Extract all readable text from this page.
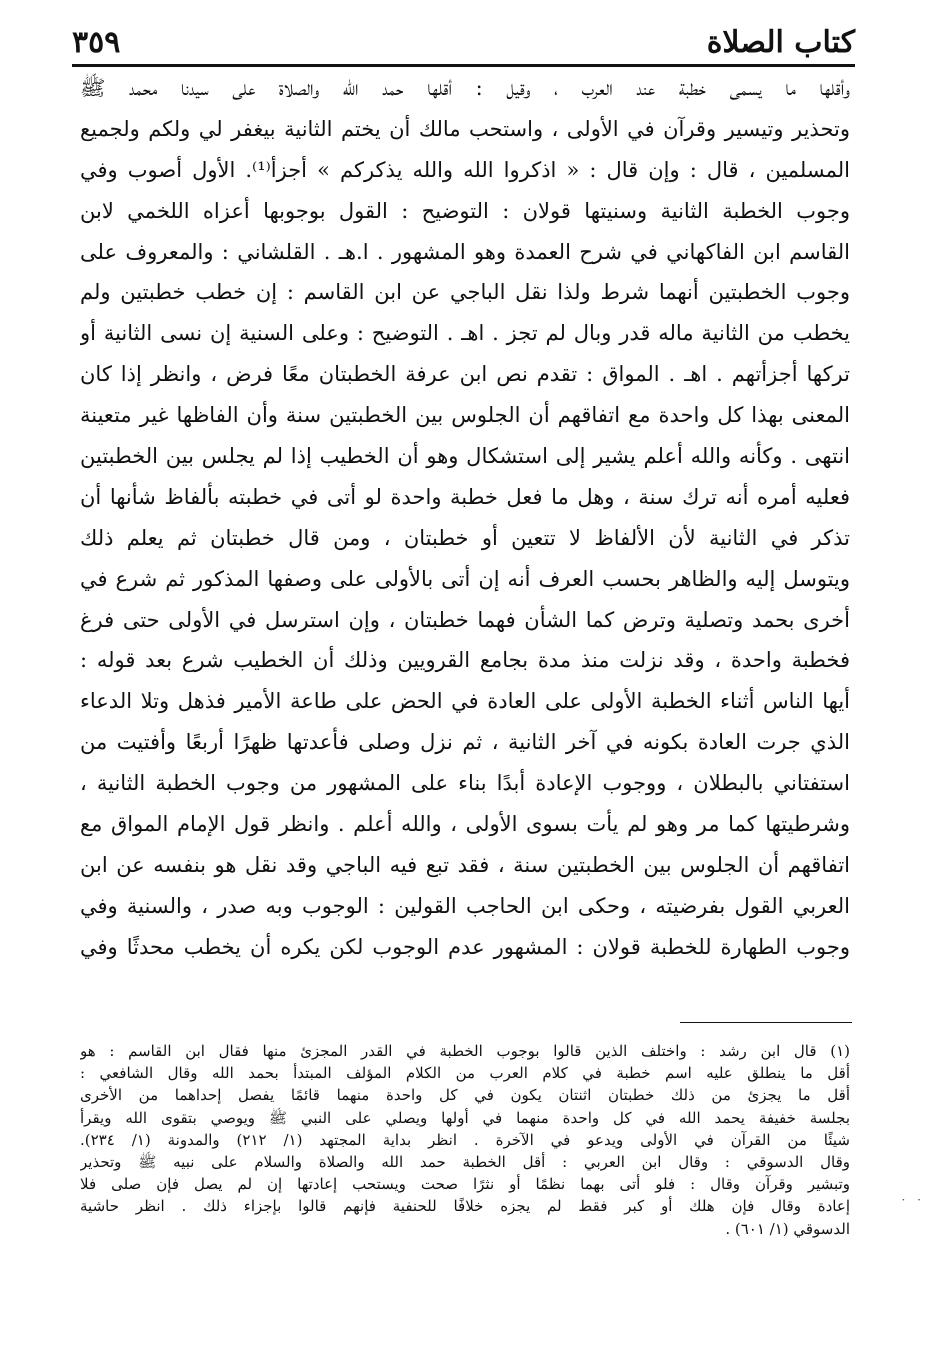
كتاب الصلاة
٣٥٩
وأقلها ما يسمى خطبة عند العرب ، وقيل : أقلها حمد الله والصلاة على سيدنا محمد ﷺ
وتحذير وتيسير وقرآن في الأولى ، واستحب مالك أن يختم الثانية بيغفر لي ولكم ولجميع
المسلمين ، قال : وإن قال : « اذكروا الله والله يذكركم » أجزأ⁽¹⁾. الأول أصوب وفي
وجوب الخطبة الثانية وسنيتها قولان : التوضيح : القول بوجوبها أعزاه اللخمي لابن
القاسم ابن الفاكهاني في شرح العمدة وهو المشهور . ا.هـ . القلشاني : والمعروف على
وجوب الخطبتين أنهما شرط ولذا نقل الباجي عن ابن القاسم : إن خطب خطبتين ولم
يخطب من الثانية ماله قدر وبال لم تجز . اهـ . التوضيح : وعلى السنية إن نسى الثانية أو
تركها أجزأتهم . اهـ . المواق : تقدم نص ابن عرفة الخطبتان معًا فرض ، وانظر إذا كان
المعنى بهذا كل واحدة مع اتفاقهم أن الجلوس بين الخطبتين سنة وأن الفاظها غير متعينة
انتهى . وكأنه والله أعلم يشير إلى استشكال وهو أن الخطيب إذا لم يجلس بين الخطبتين
فعليه أمره أنه ترك سنة ، وهل ما فعل خطبة واحدة لو أتى في خطبته بألفاظ شأنها أن
تذكر في الثانية لأن الألفاظ لا تتعين أو خطبتان ، ومن قال خطبتان ثم يعلم ذلك
ويتوسل إليه والظاهر بحسب العرف أنه إن أتى بالأولى على وصفها المذكور ثم شرع في
أخرى بحمد وتصلية وترض كما الشأن فهما خطبتان ، وإن استرسل في الأولى حتى فرغ
فخطبة واحدة ، وقد نزلت منذ مدة بجامع القرويين وذلك أن الخطيب شرع بعد قوله :
أيها الناس أثناء الخطبة الأولى على العادة في الحض على طاعة الأمير فذهل وتلا الدعاء
الذي جرت العادة بكونه في آخر الثانية ، ثم نزل وصلى فأعدتها ظهرًا أربعًا وأفتيت من
استفتاني بالبطلان ، ووجوب الإعادة أبدًا بناء على المشهور من وجوب الخطبة الثانية ،
وشرطيتها كما مر وهو لم يأت بسوى الأولى ، والله أعلم . وانظر قول الإمام المواق مع
اتفاقهم أن الجلوس بين الخطبتين سنة ، فقد تبع فيه الباجي وقد نقل هو بنفسه عن ابن
العربي القول بفرضيته ، وحكى ابن الحاجب القولين : الوجوب وبه صدر ، والسنية وفي
وجوب الطهارة للخطبة قولان : المشهور عدم الوجوب لكن يكره أن يخطب محدثًا وفي
(١) قال ابن رشد : واختلف الذين قالوا بوجوب الخطبة في القدر المجزئ منها فقال ابن القاسم : هو
أقل ما ينطلق عليه اسم خطبة في كلام العرب من الكلام المؤلف المبتدأ بحمد الله وقال الشافعي :
أقل ما يجزئ من ذلك خطبتان اثنتان يكون في كل واحدة منهما قائمًا يفصل إحداهما من الأخرى
بجلسة خفيفة يحمد الله في كل واحدة منهما في أولها ويصلي على النبي ﷺ ويوصي بتقوى الله ويقرأ
شيئًا من القرآن في الأولى ويدعو في الآخرة . انظر بداية المجتهد (١/ ٢١٢) والمدونة (١/ ٢٣٤).
وقال الدسوقي : وقال ابن العربي : أقل الخطبة حمد الله والصلاة والسلام على نبيه ﷺ وتحذير
وتبشير وقرآن وقال : فلو أتى بهما نظمًا أو نثرًا صحت ويستحب إعادتها إن لم يصل فإن صلى فلا
إعادة وقال فإن هلك أو كبر فقط لم يجزه خلافًا للحنفية فإنهم قالوا بإجزاء ذلك . انظر حاشية
الدسوقي (١/ ٦٠١) .
· ·
